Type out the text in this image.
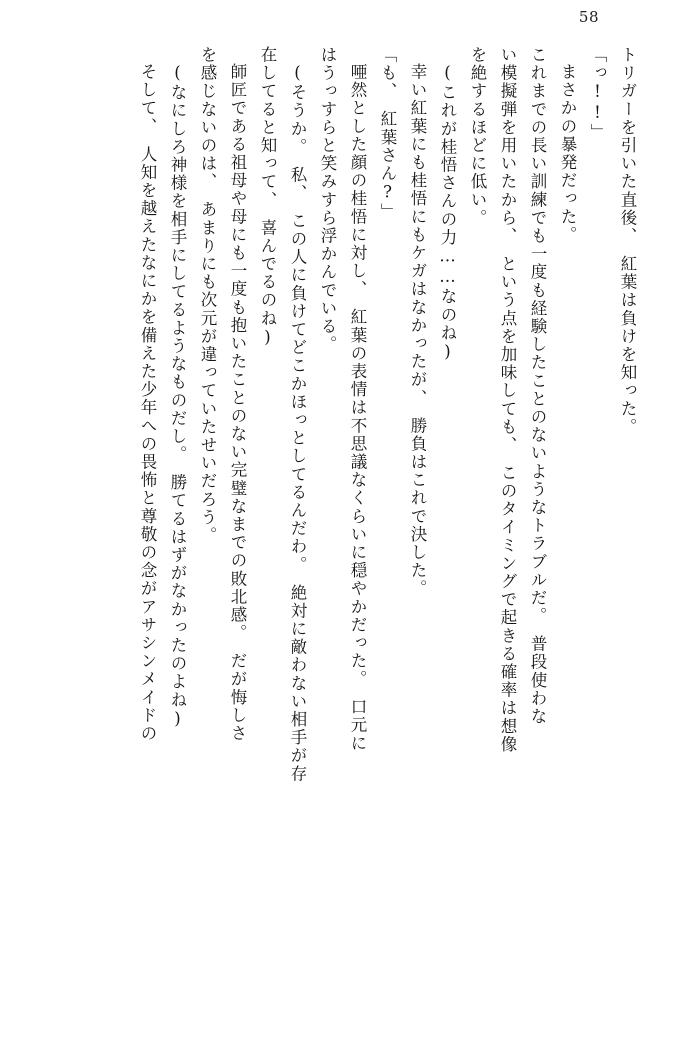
58
トリガーを引いた直後、　紅葉は負けを知った。
「っ!!」
まさかの暴発だった。
これまでの長い訓練でも一度も経験したことのないようなトラブルだ。　普段使わな
い模擬弾を用いたから、　という点を加味しても、　このタイミングで起きる確率は想像
を絶するほどに低い。
(これが桂悟さんの力……なのね)
幸い紅葉にも桂悟にもケガはなかったが、　勝負はこれで決した。
「も、　紅葉さん?」
唖然とした顔の桂悟に対し、　紅葉の表情は不思議なくらいに穏やかだった。　口元に
はうっすらと笑みすら浮かんでいる。
(そうか。　私、　この人に負けてどこかほっとしてるんだわ。　絶対に敵わない相手が存
在してると知って、　喜んでるのね)
師匠である祖母や母にも一度も抱いたことのない完璧なまでの敗北感。　だが悔しさ
を感じないのは、　あまりにも次元が違っていたせいだろう。
(なにしろ神様を相手にしてるようなものだし。　勝てるはずがなかったのよね)
そして、　人知を越えたなにかを備えた少年への畏怖と尊敬の念がアサシンメイドの
